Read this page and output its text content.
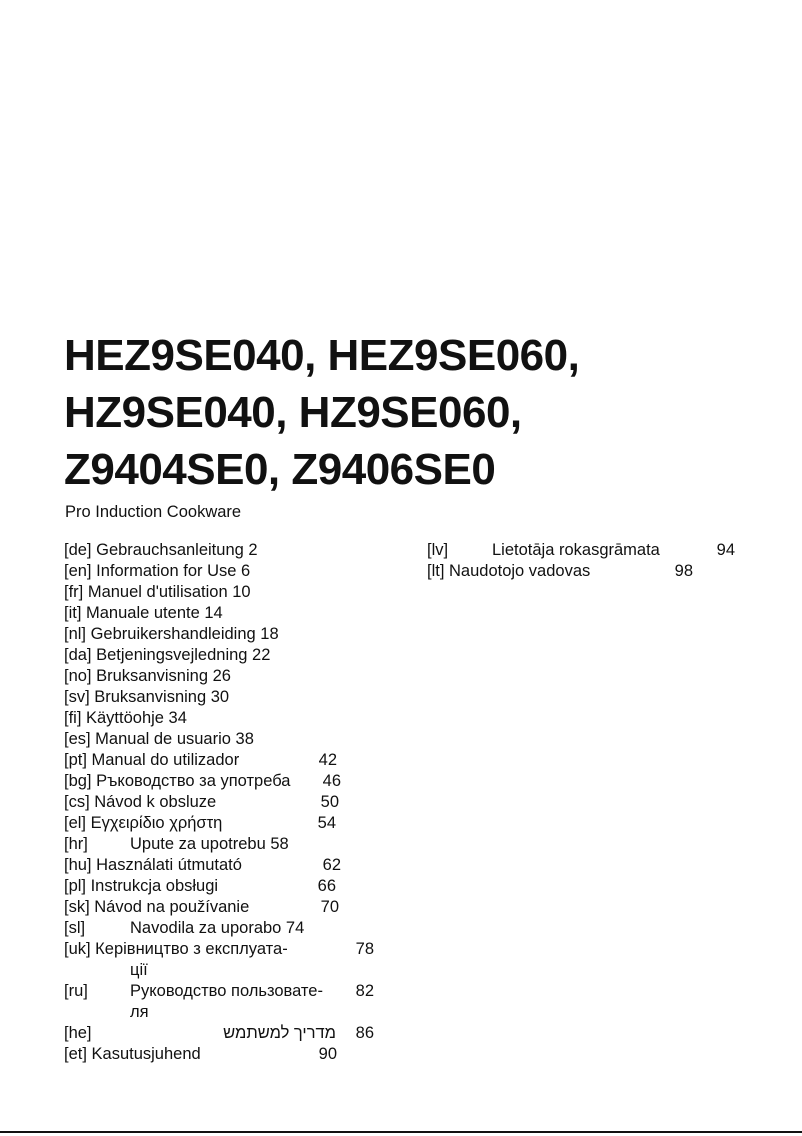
HEZ9SE040, HEZ9SE060,
HZ9SE040, HZ9SE060,
Z9404SE0, Z9406SE0
Pro Induction Cookware
[de] Gebrauchsanleitung 2
[en] Information for Use 6
[fr] Manuel d'utilisation 10
[it] Manuale utente 14
[nl] Gebruikershandleiding 18
[da] Betjeningsvejledning 22
[no] Bruksanvisning 26
[sv] Bruksanvisning 30
[fi] Käyttöohje 34
[es] Manual de usuario 38
[pt] Manual do utilizador	42
[bg] Ръководство за употреба	46
[cs] Návod k obsluze	50
[el] Εγχειρίδιο χρήστη	54
[hr]	Upute za upotrebu 58
[hu] Használati útmutató	62
[pl] Instrukcja obsługi	66
[sk] Návod na používanie	70
[sl]	Navodila za uporabo 74
[uk] Керівництво з експлуата-	78
ції
[ru]	Руководство пользовате-	82
ля
[he]	מדריך למשתמש	86
[et] Kasutusjuhend	90
[lv]	Lietotāja rokasgrāmata	94
[lt] Naudotojo vadovas	98
